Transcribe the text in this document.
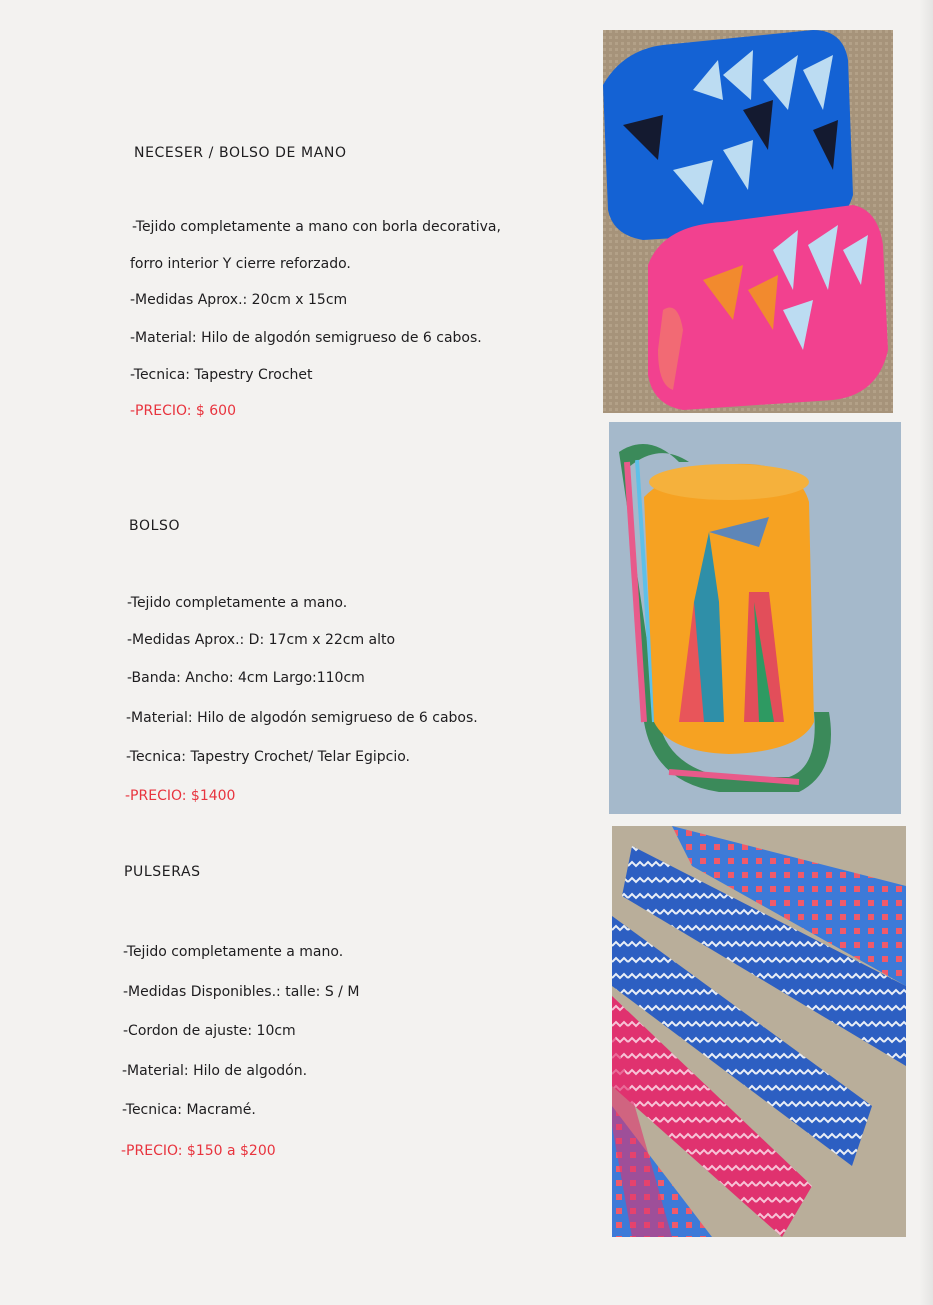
NECESER / BOLSO DE MANO
-Tejido completamente a mano con borla decorativa,
forro interior Y cierre reforzado.
-Medidas Aprox.: 20cm x 15cm
-Material: Hilo de algodón semigrueso de 6 cabos.
-Tecnica: Tapestry Crochet
-PRECIO: $ 600
BOLSO
-Tejido completamente a mano.
-Medidas Aprox.: D: 17cm x 22cm alto
-Banda: Ancho: 4cm Largo:110cm
-Material: Hilo de algodón semigrueso de 6 cabos.
-Tecnica: Tapestry Crochet/ Telar Egipcio.
-PRECIO: $1400
PULSERAS
-Tejido completamente a mano.
-Medidas Disponibles.: talle: S / M
-Cordon de ajuste: 10cm
-Material: Hilo de algodón.
-Tecnica: Macramé.
-PRECIO: $150 a $200
